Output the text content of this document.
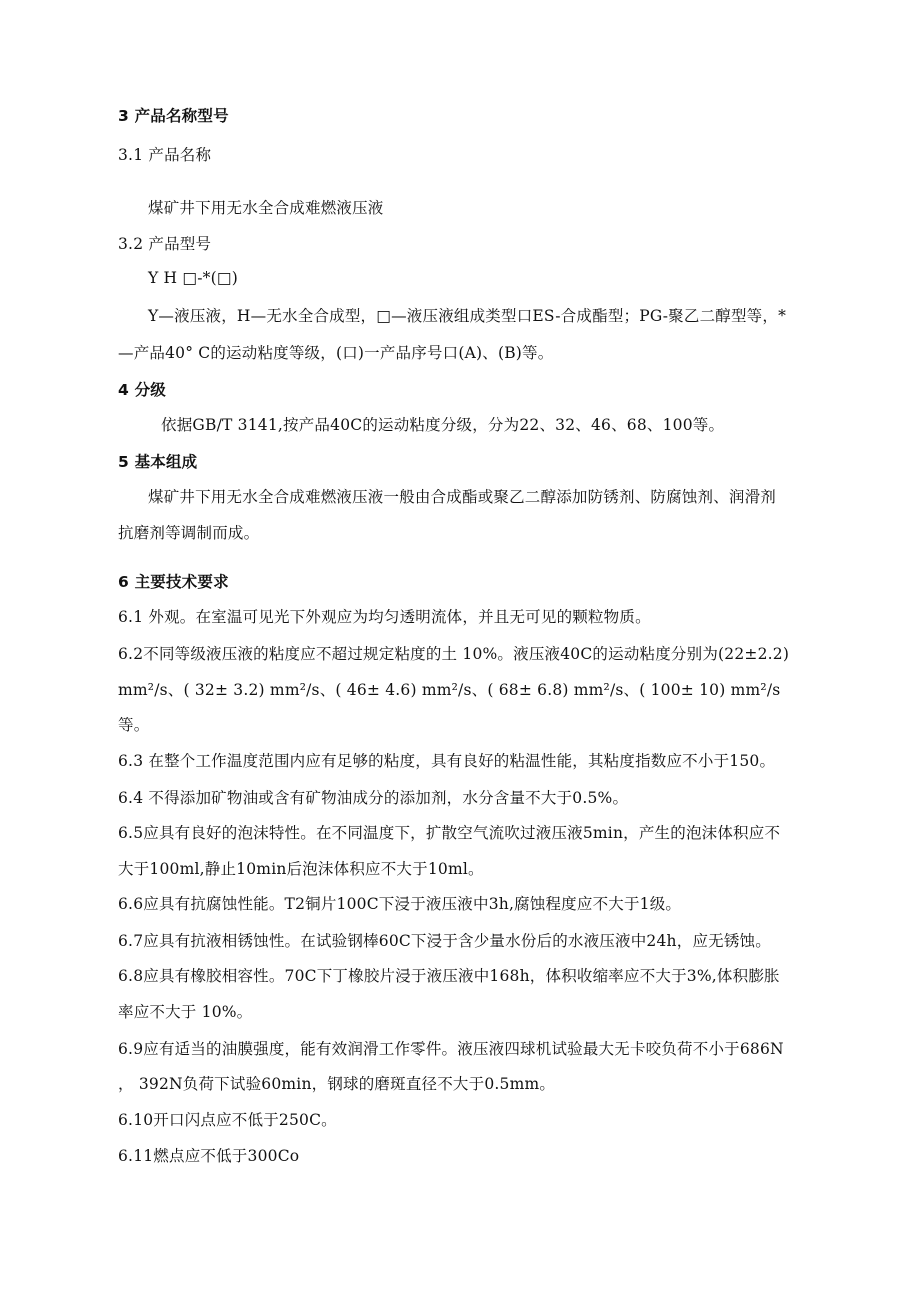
3 产品名称型号
3.1 产品名称
煤矿井下用无水全合成难燃液压液
3.2 产品型号
Y H □-*(□)
Y—液压液，H—无水全合成型，□—液压液组成类型口ES-合成酯型；PG-聚乙二醇型等，*
—产品40° C的运动粘度等级，(口)一产品序号口(A)、(B)等。
4 分级
依据GB/T 3141,按产品40C的运动粘度分级，分为22、32、46、68、100等。
5 基本组成
煤矿井下用无水全合成难燃液压液一般由合成酯或聚乙二醇添加防锈剂、防腐蚀剂、润滑剂
抗磨剂等调制而成。
6 主要技术要求
6.1 外观。在室温可见光下外观应为均匀透明流体，并且无可见的颗粒物质。
6.2不同等级液压液的粘度应不超过规定粘度的土 10%。液压液40C的运动粘度分别为(22±2.2)
mm²/s、( 32± 3.2) mm²/s、( 46± 4.6) mm²/s、( 68± 6.8) mm²/s、( 100± 10) mm²/s
等。
6.3 在整个工作温度范围内应有足够的粘度，具有良好的粘温性能，其粘度指数应不小于150。
6.4 不得添加矿物油或含有矿物油成分的添加剂，水分含量不大于0.5%。
6.5应具有良好的泡沫特性。在不同温度下，扩散空气流吹过液压液5min，产生的泡沫体积应不
大于100ml,静止10min后泡沫体积应不大于10ml。
6.6应具有抗腐蚀性能。T2铜片100C下浸于液压液中3h,腐蚀程度应不大于1级。
6.7应具有抗液相锈蚀性。在试验钢棒60C下浸于含少量水份后的水液压液中24h，应无锈蚀。
6.8应具有橡胶相容性。70C下丁橡胶片浸于液压液中168h，体积收缩率应不大于3%,体积膨胀
率应不大于 10%。
6.9应有适当的油膜强度，能有效润滑工作零件。液压液四球机试验最大无卡咬负荷不小于686N
， 392N负荷下试验60min，钢球的磨斑直径不大于0.5mm。
6.10开口闪点应不低于250C。
6.11燃点应不低于300Co
